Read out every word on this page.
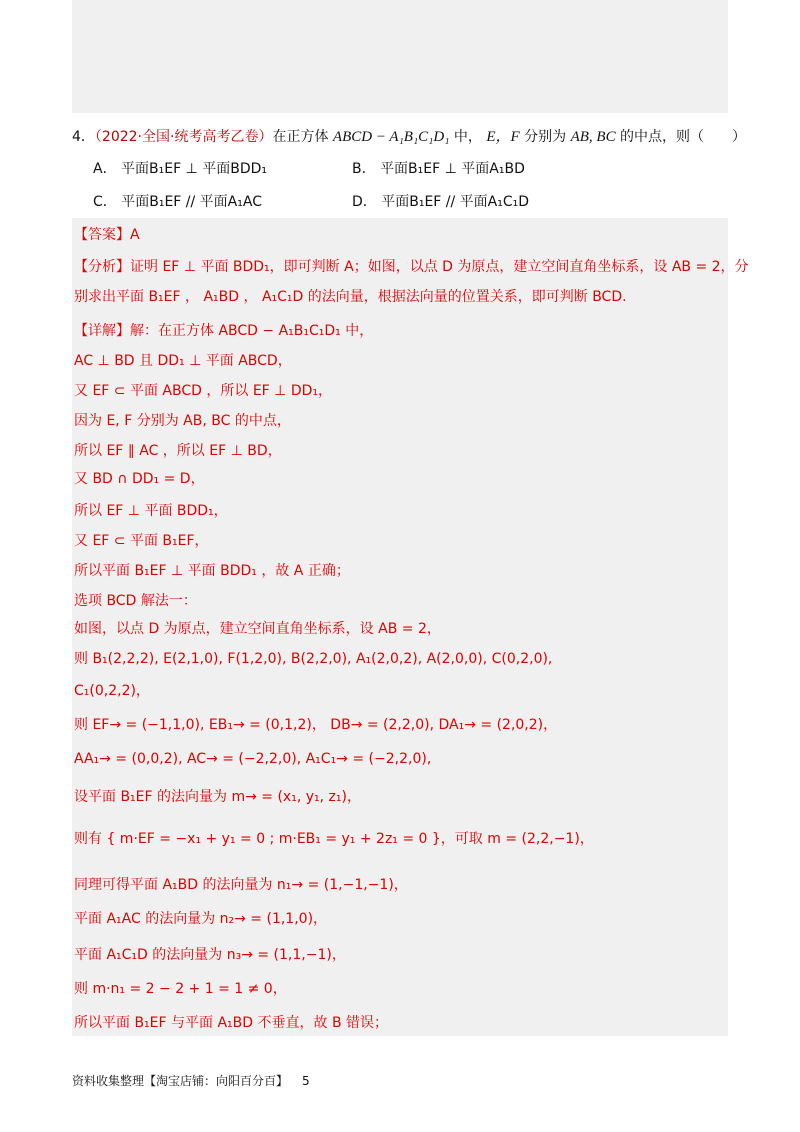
4．（2022·全国·统考高考乙卷）在正方体 ABCD − A₁B₁C₁D₁ 中， E，F 分别为 AB, BC 的中点，则（　　）
A． 平面B₁EF ⊥ 平面BDD₁	B． 平面B₁EF ⊥ 平面A₁BD
C． 平面B₁EF // 平面A₁AC	D． 平面B₁EF // 平面A₁C₁D
【答案】A
【分析】证明 EF ⊥ 平面 BDD₁，即可判断 A；如图，以点 D 为原点，建立空间直角坐标系，设 AB = 2，分
别求出平面 B₁EF ， A₁BD ， A₁C₁D 的法向量，根据法向量的位置关系，即可判断 BCD.
【详解】解：在正方体 ABCD − A₁B₁C₁D₁ 中，
AC ⊥ BD 且 DD₁ ⊥ 平面 ABCD，
又 EF ⊂ 平面 ABCD ，所以 EF ⊥ DD₁，
因为 E, F 分别为 AB, BC 的中点，
所以 EF ∥ AC ，所以 EF ⊥ BD，
又 BD ∩ DD₁ = D，
所以 EF ⊥ 平面 BDD₁，
又 EF ⊂ 平面 B₁EF，
所以平面 B₁EF ⊥ 平面 BDD₁ ，故 A 正确；
选项 BCD 解法一：
如图，以点 D 为原点，建立空间直角坐标系，设 AB = 2，
则 B₁(2,2,2), E(2,1,0), F(1,2,0), B(2,2,0), A₁(2,0,2), A(2,0,0), C(0,2,0),
C₁(0,2,2)，
则 EF→ = (−1,1,0), EB₁→ = (0,1,2)， DB→ = (2,2,0), DA₁→ = (2,0,2)，
AA₁→ = (0,0,2), AC→ = (−2,2,0), A₁C₁→ = (−2,2,0),
设平面 B₁EF 的法向量为 m→ = (x₁, y₁, z₁)，
则有 { m·EF = −x₁ + y₁ = 0 ; m·EB₁ = y₁ + 2z₁ = 0 }，可取 m = (2,2,−1)，
同理可得平面 A₁BD 的法向量为 n₁→ = (1,−1,−1)，
平面 A₁AC 的法向量为 n₂→ = (1,1,0)，
平面 A₁C₁D 的法向量为 n₃→ = (1,1,−1)，
则 m·n₁ = 2 − 2 + 1 = 1 ≠ 0，
所以平面 B₁EF 与平面 A₁BD 不垂直，故 B 错误；
资料收集整理【淘宝店铺：向阳百分百】 5
